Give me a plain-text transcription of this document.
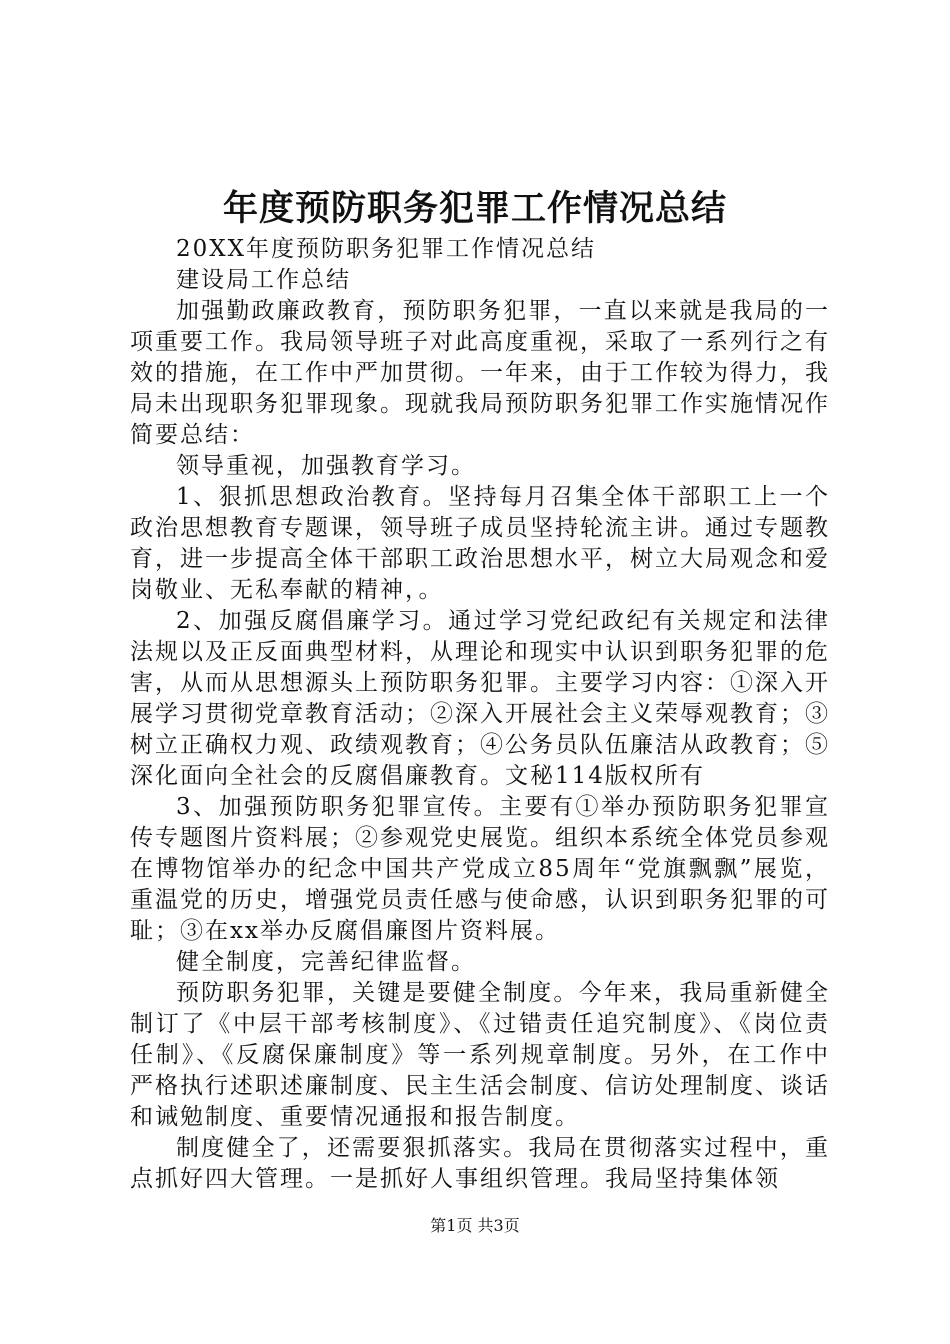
年度预防职务犯罪工作情况总结

20XX年度预防职务犯罪工作情况总结

建设局工作总结

加强勤政廉政教育，预防职务犯罪，一直以来就是我局的一项重要工作。我局领导班子对此高度重视，采取了一系列行之有效的措施，在工作中严加贯彻。一年来，由于工作较为得力，我局未出现职务犯罪现象。现就我局预防职务犯罪工作实施情况作简要总结：

领导重视，加强教育学习。

1、狠抓思想政治教育。坚持每月召集全体干部职工上一个政治思想教育专题课，领导班子成员坚持轮流主讲。通过专题教育，进一步提高全体干部职工政治思想水平，树立大局观念和爱岗敬业、无私奉献的精神，。

2、加强反腐倡廉学习。通过学习党纪政纪有关规定和法律法规以及正反面典型材料，从理论和现实中认识到职务犯罪的危害，从而从思想源头上预防职务犯罪。主要学习内容：①深入开展学习贯彻党章教育活动；②深入开展社会主义荣辱观教育；③树立正确权力观、政绩观教育；④公务员队伍廉洁从政教育；⑤深化面向全社会的反腐倡廉教育。文秘114版权所有

3、加强预防职务犯罪宣传。主要有①举办预防职务犯罪宣传专题图片资料展；②参观党史展览。组织本系统全体党员参观在博物馆举办的纪念中国共产党成立85周年“党旗飘飘”展览，重温党的历史，增强党员责任感与使命感，认识到职务犯罪的可耻；③在xx举办反腐倡廉图片资料展。

健全制度，完善纪律监督。

预防职务犯罪，关键是要健全制度。今年来，我局重新健全制订了《中层干部考核制度》、《过错责任追究制度》、《岗位责任制》、《反腐保廉制度》等一系列规章制度。另外，在工作中严格执行述职述廉制度、民主生活会制度、信访处理制度、谈话和诫勉制度、重要情况通报和报告制度。

制度健全了，还需要狠抓落实。我局在贯彻落实过程中，重点抓好四大管理。一是抓好人事组织管理。我局坚持集体领

第1页 共3页
